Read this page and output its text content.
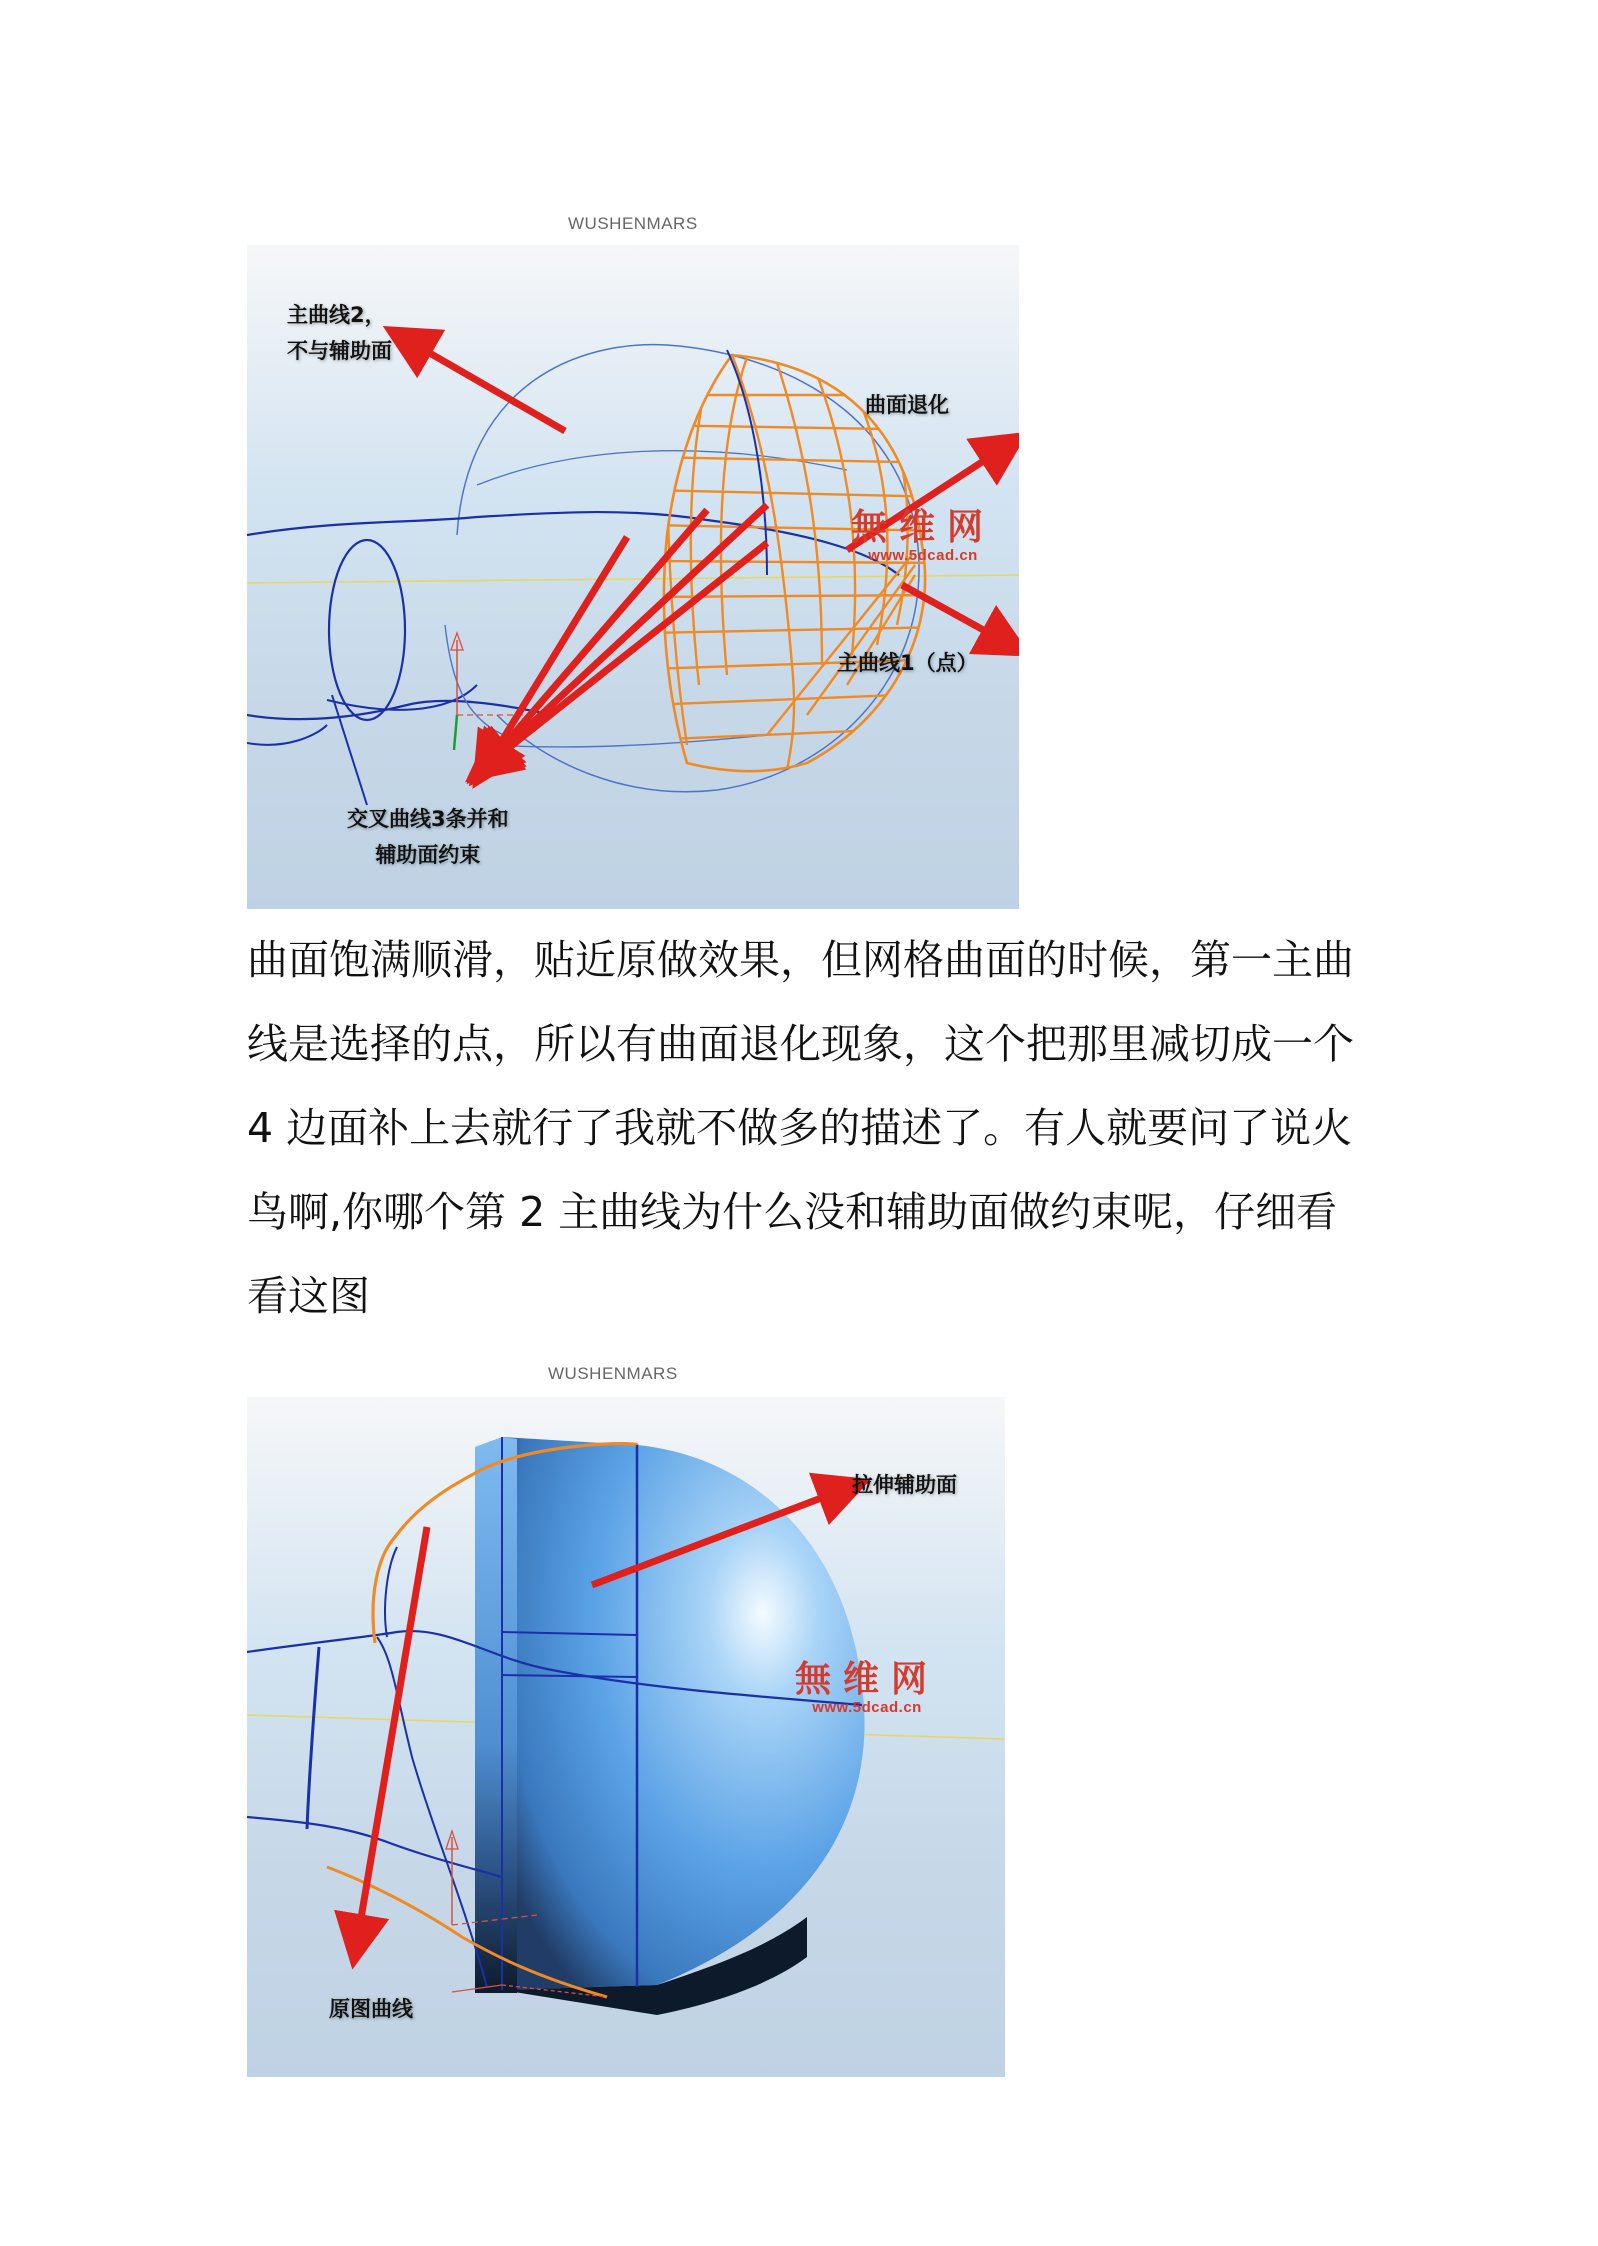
WUSHENMARS
主曲线2，
不与辅助面
曲面退化
主曲线1（点）
交叉曲线3条并和
辅助面约束
無维网
www.5dcad.cn

曲面饱满顺滑，贴近原做效果，但网格曲面的时候，第一主曲线是选择的点，所以有曲面退化现象，这个把那里减切成一个 4 边面补上去就行了我就不做多的描述了。有人就要问了说火鸟啊,你哪个第 2 主曲线为什么没和辅助面做约束呢，仔细看看这图

WUSHENMARS
拉伸辅助面
原图曲线
無维网
www.5dcad.cn
